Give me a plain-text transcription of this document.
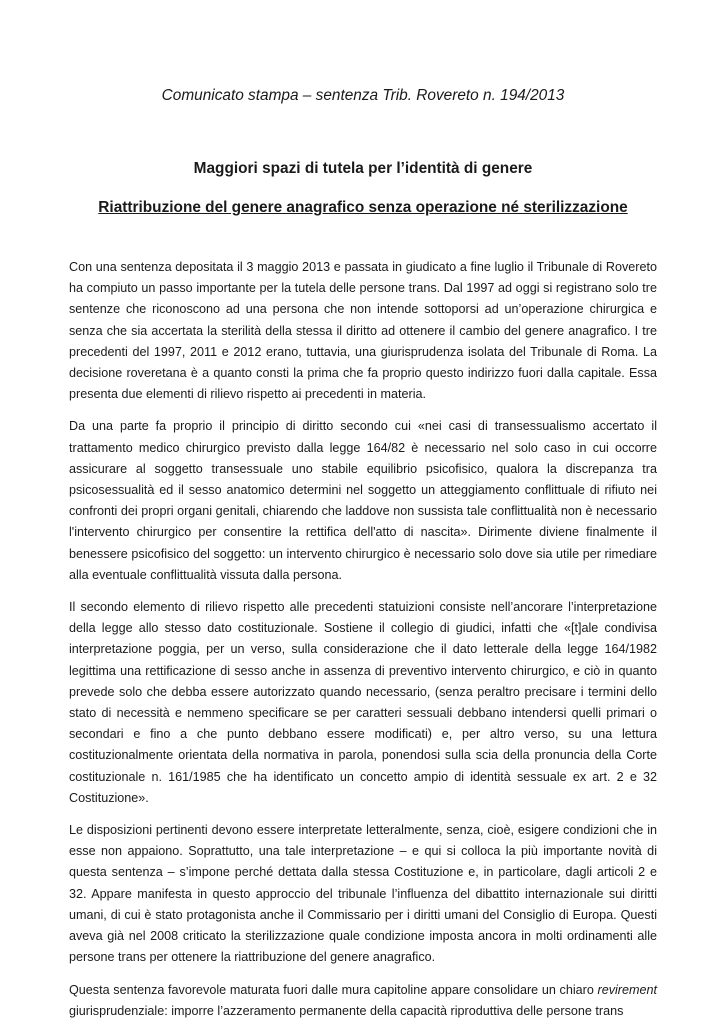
Comunicato stampa – sentenza Trib. Rovereto n. 194/2013

Maggiori spazi di tutela per l’identità di genere

Riattribuzione del genere anagrafico senza operazione né sterilizzazione

Con una sentenza depositata il 3 maggio 2013 e passata in giudicato a fine luglio il Tribunale di Rovereto ha compiuto un passo importante per la tutela delle persone trans. Dal 1997 ad oggi si registrano solo tre sentenze che riconoscono ad una persona che non intende sottoporsi ad un’operazione chirurgica e senza che sia accertata la sterilità della stessa il diritto ad ottenere il cambio del genere anagrafico. I tre precedenti del 1997, 2011 e 2012 erano, tuttavia, una giurisprudenza isolata del Tribunale di Roma. La decisione roveretana è a quanto consti la prima che fa proprio questo indirizzo fuori dalla capitale. Essa presenta due elementi di rilievo rispetto ai precedenti in materia.

Da una parte fa proprio il principio di diritto secondo cui «nei casi di transessualismo accertato il trattamento medico chirurgico previsto dalla legge 164/82 è necessario nel solo caso in cui occorre assicurare al soggetto transessuale uno stabile equilibrio psicofisico, qualora la discrepanza tra psicosessualità ed il sesso anatomico determini nel soggetto un atteggiamento conflittuale di rifiuto nei confronti dei propri organi genitali, chiarendo che laddove non sussista tale conflittualità non è necessario l'intervento chirurgico per consentire la rettifica dell'atto di nascita». Dirimente diviene finalmente il benessere psicofisico del soggetto: un intervento chirurgico è necessario solo dove sia utile per rimediare alla eventuale conflittualità vissuta dalla persona.

Il secondo elemento di rilievo rispetto alle precedenti statuizioni consiste nell’ancorare l’interpretazione della legge allo stesso dato costituzionale. Sostiene il collegio di giudici, infatti che «[t]ale condivisa interpretazione poggia, per un verso, sulla considerazione che il dato letterale della legge 164/1982 legittima una rettificazione di sesso anche in assenza di preventivo intervento chirurgico, e ciò in quanto prevede solo che debba essere autorizzato quando necessario, (senza peraltro precisare i termini dello stato di necessità e nemmeno specificare se per caratteri sessuali debbano intendersi quelli primari o secondari e fino a che punto debbano essere modificati) e, per altro verso, su una lettura costituzionalmente orientata della normativa in parola, ponendosi sulla scia della pronuncia della Corte costituzionale n. 161/1985 che ha identificato un concetto ampio di identità sessuale ex art. 2 e 32 Costituzione».

Le disposizioni pertinenti devono essere interpretate letteralmente, senza, cioè, esigere condizioni che in esse non appaiono. Soprattutto, una tale interpretazione – e qui si colloca la più importante novità di questa sentenza – s’impone perché dettata dalla stessa Costituzione e, in particolare, dagli articoli 2 e 32. Appare manifesta in questo approccio del tribunale l’influenza del dibattito internazionale sui diritti umani, di cui è stato protagonista anche il Commissario per i diritti umani del Consiglio di Europa. Questi aveva già nel 2008 criticato la sterilizzazione quale condizione imposta ancora in molti ordinamenti alle persone trans per ottenere la riattribuzione del genere anagrafico.

Questa sentenza favorevole maturata fuori dalle mura capitoline appare consolidare un chiaro revirement giurisprudenziale: imporre l’azzeramento permanente della capacità riproduttiva delle persone trans
